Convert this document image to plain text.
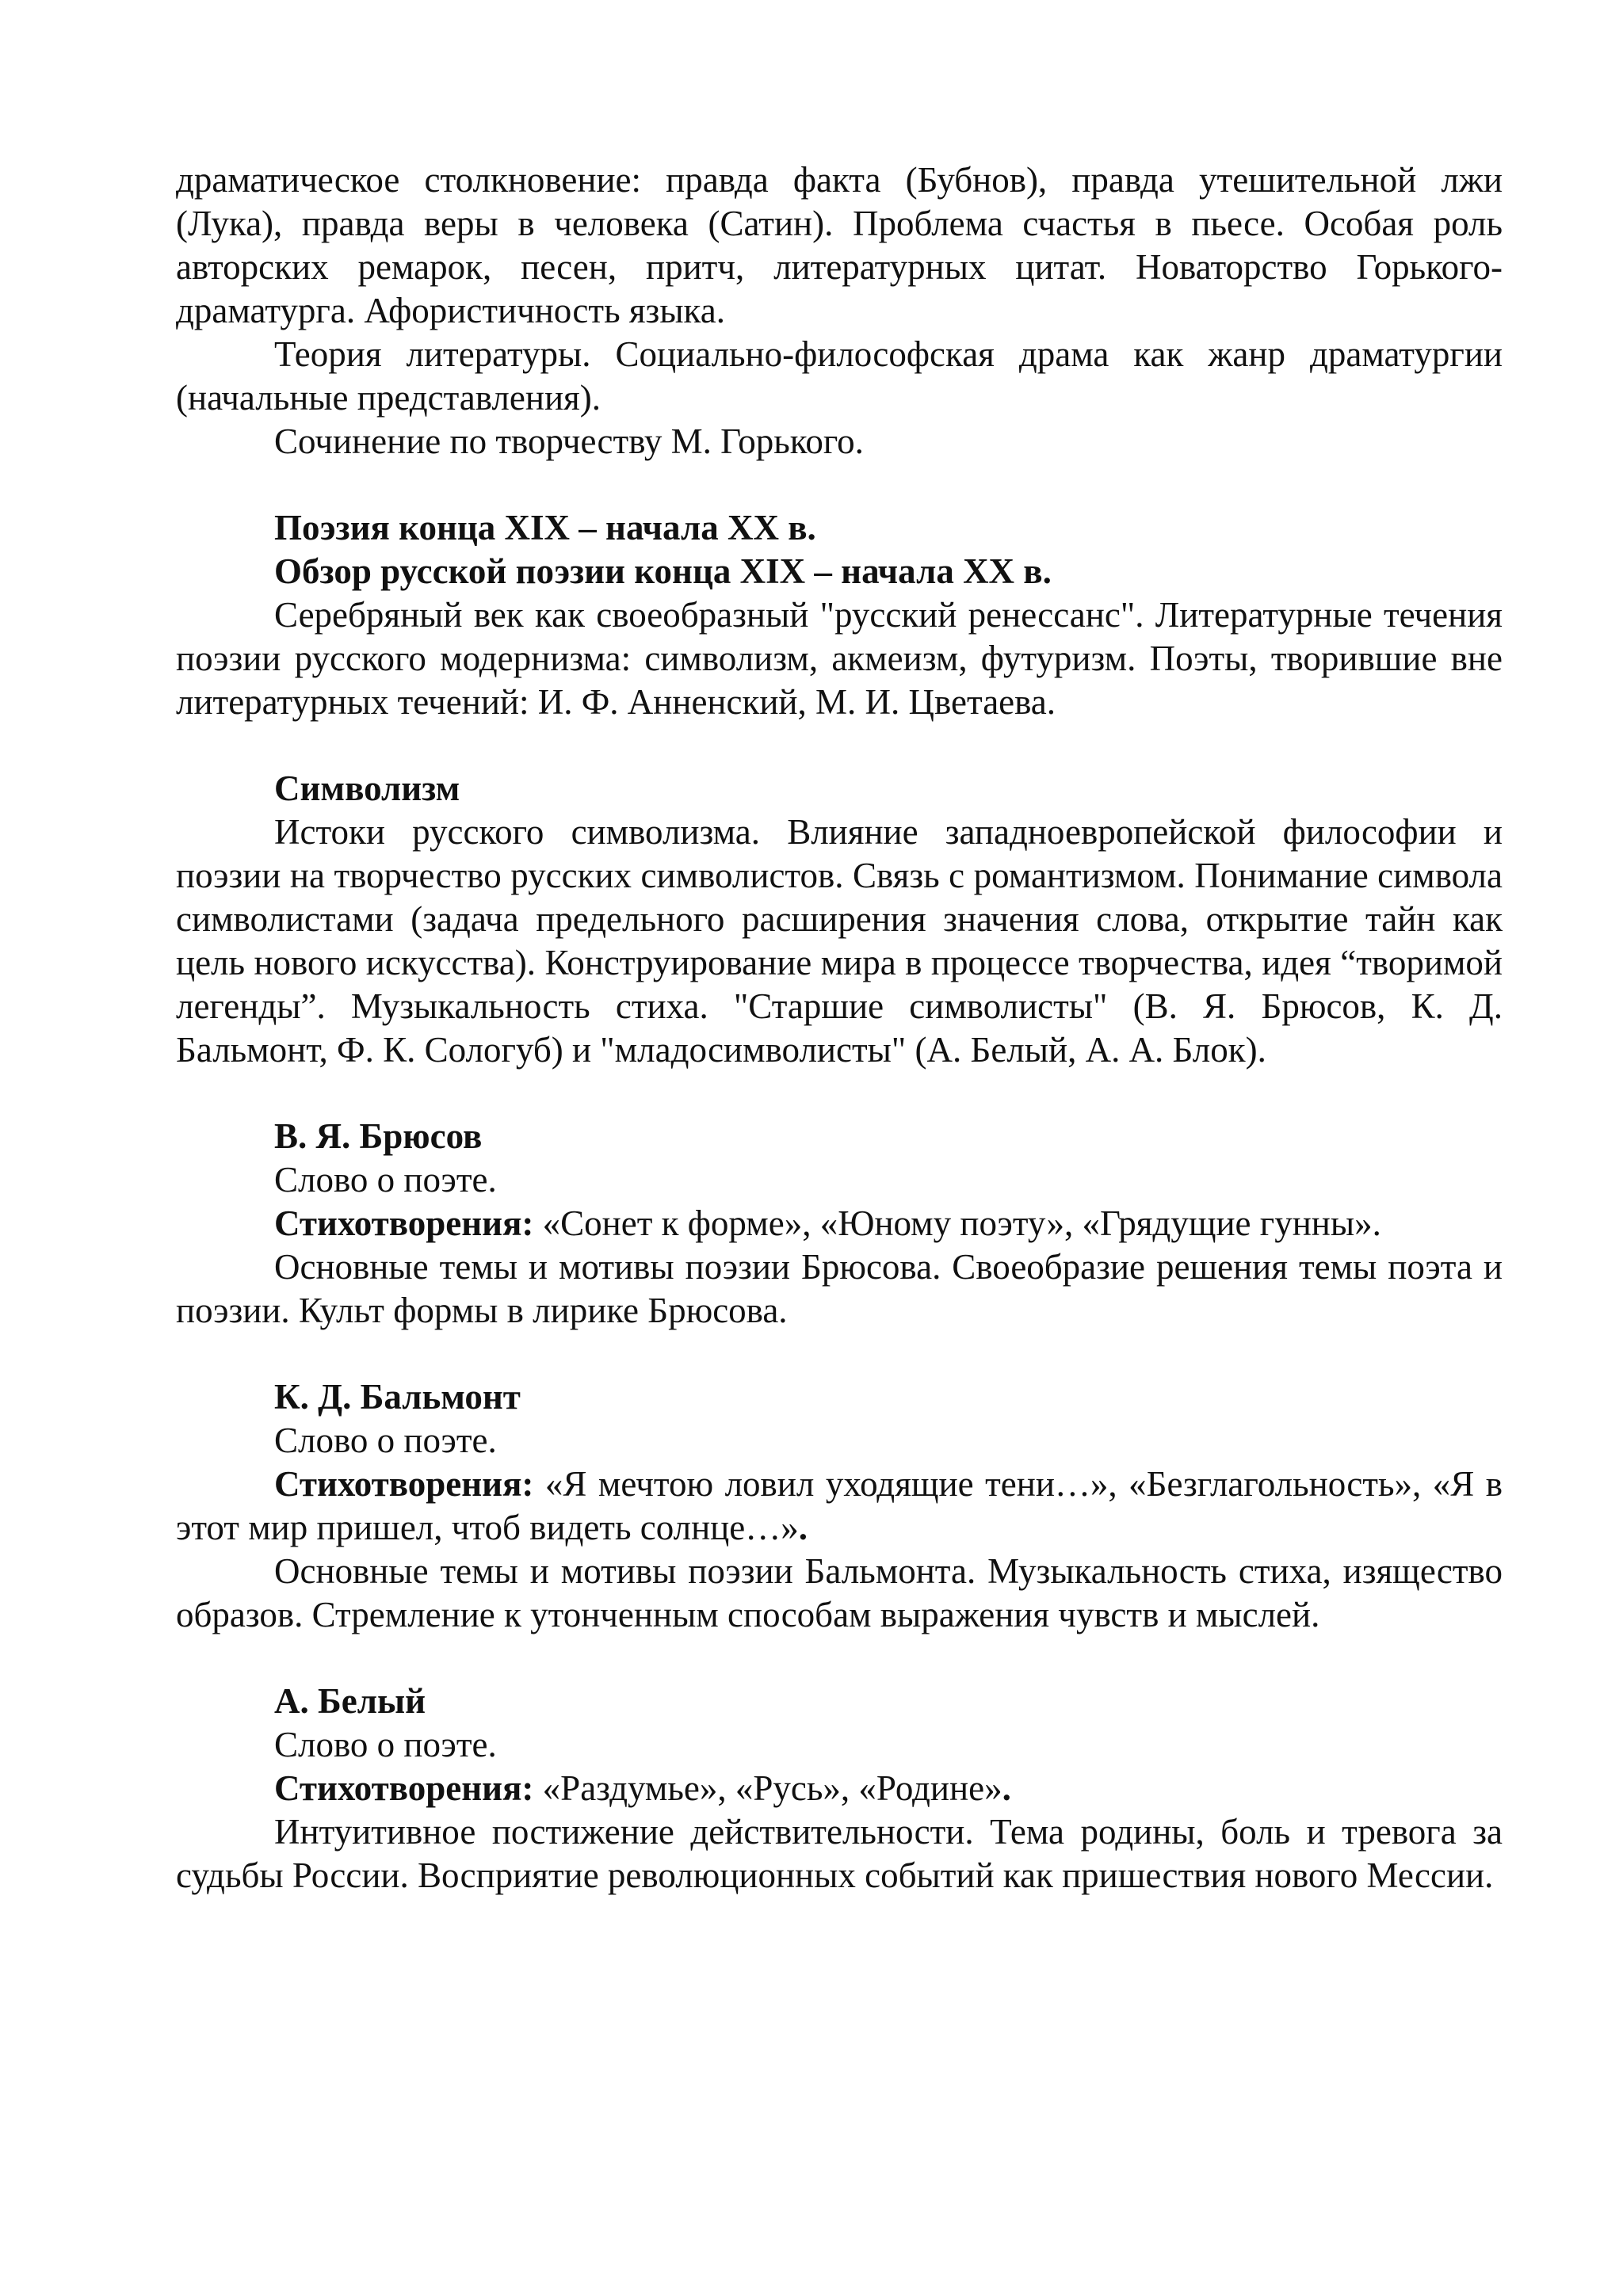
драматическое столкновение: правда факта (Бубнов), правда утешительной лжи (Лука), правда веры в человека (Сатин). Проблема счастья в пьесе. Особая роль авторских ремарок, песен, притч, литературных цитат. Новаторство Горького-драматурга. Афористичность языка.

Теория литературы. Социально-философская драма как жанр драматургии (начальные представления).

Сочинение по творчеству М. Горького.

Поэзия конца XIX – начала XX в.

Обзор русской поэзии конца XIX – начала XX в.

Серебряный век как своеобразный "русский ренессанс". Литературные течения поэзии русского модернизма: символизм, акмеизм, футуризм. Поэты, творившие вне литературных течений: И. Ф. Анненский, М. И. Цветаева.

Символизм

Истоки русского символизма. Влияние западноевропейской философии и поэзии на творчество русских символистов. Связь с романтизмом. Понимание символа символистами (задача предельного расширения значения слова, открытие тайн как цель нового искусства). Конструирование мира в процессе творчества, идея “творимой легенды”. Музыкальность стиха. "Старшие символисты" (В. Я. Брюсов, К. Д. Бальмонт, Ф. К. Сологуб) и "младосимволисты" (А. Белый, А. А. Блок).

В. Я. Брюсов

Слово о поэте.

Стихотворения: «Сонет к форме», «Юному поэту», «Грядущие гунны».

Основные темы и мотивы поэзии Брюсова. Своеобразие решения темы поэта и поэзии. Культ формы в лирике Брюсова.

К. Д. Бальмонт

Слово о поэте.

Стихотворения: «Я мечтою ловил уходящие тени…», «Безглагольность», «Я в этот мир пришел, чтоб видеть солнце…».

Основные темы и мотивы поэзии Бальмонта. Музыкальность стиха, изящество образов. Стремление к утонченным способам выражения чувств и мыслей.

А. Белый

Слово о поэте.

Стихотворения: «Раздумье», «Русь», «Родине».

Интуитивное постижение действительности. Тема родины, боль и тревога за судьбы России. Восприятие революционных событий как пришествия нового Мессии.
